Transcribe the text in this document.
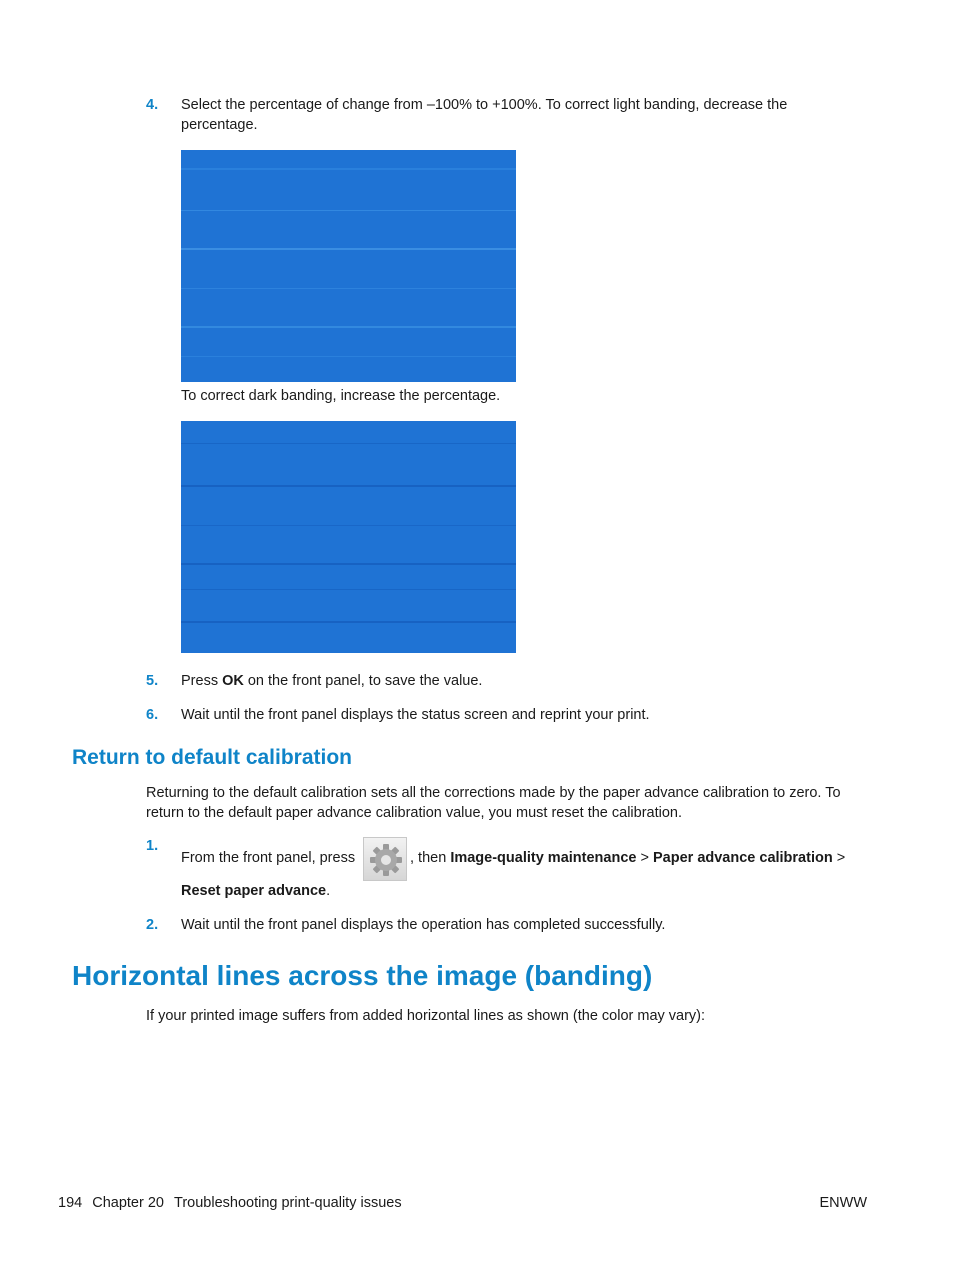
4. Select the percentage of change from –100% to +100%. To correct light banding, decrease the percentage.
To correct dark banding, increase the percentage.
5. Press OK on the front panel, to save the value.
6. Wait until the front panel displays the status screen and reprint your print.
Return to default calibration
Returning to the default calibration sets all the corrections made by the paper advance calibration to zero. To return to the default paper advance calibration value, you must reset the calibration.
1.
From the front panel, press	, then Image-quality maintenance > Paper advance calibration >
Reset paper advance.
2. Wait until the front panel displays the operation has completed successfully.
Horizontal lines across the image (banding)
If your printed image suffers from added horizontal lines as shown (the color may vary):
194 Chapter 20 Troubleshooting print-quality issues	ENWW
